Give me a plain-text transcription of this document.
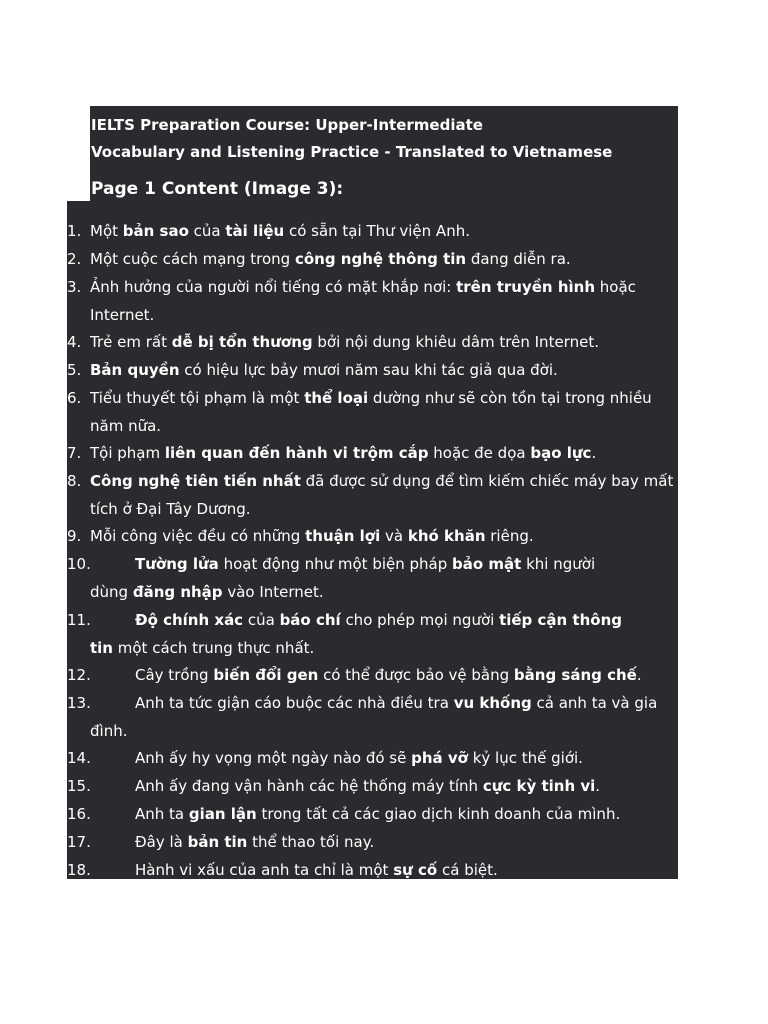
IELTS Preparation Course: Upper-Intermediate
Vocabulary and Listening Practice - Translated to Vietnamese
Page 1 Content (Image 3):
1. Một bản sao của tài liệu có sẵn tại Thư viện Anh.
2. Một cuộc cách mạng trong công nghệ thông tin đang diễn ra.
3. Ảnh hưởng của người nổi tiếng có mặt khắp nơi: trên truyền hình hoặc
Internet.
4. Trẻ em rất dễ bị tổn thương bởi nội dung khiêu dâm trên Internet.
5. Bản quyền có hiệu lực bảy mươi năm sau khi tác giả qua đời.
6. Tiểu thuyết tội phạm là một thể loại dường như sẽ còn tồn tại trong nhiều
năm nữa.
7. Tội phạm liên quan đến hành vi trộm cắp hoặc đe dọa bạo lực.
8. Công nghệ tiên tiến nhất đã được sử dụng để tìm kiếm chiếc máy bay mất
tích ở Đại Tây Dương.
9. Mỗi công việc đều có những thuận lợi và khó khăn riêng.
10.	Tường lửa hoạt động như một biện pháp bảo mật khi người
dùng đăng nhập vào Internet.
11.	Độ chính xác của báo chí cho phép mọi người tiếp cận thông
tin một cách trung thực nhất.
12.	Cây trồng biến đổi gen có thể được bảo vệ bằng bằng sáng chế.
13.	Anh ta tức giận cáo buộc các nhà điều tra vu khống cả anh ta và gia
đình.
14.	Anh ấy hy vọng một ngày nào đó sẽ phá vỡ kỷ lục thế giới.
15.	Anh ấy đang vận hành các hệ thống máy tính cực kỳ tinh vi.
16.	Anh ta gian lận trong tất cả các giao dịch kinh doanh của mình.
17.	Đây là bản tin thể thao tối nay.
18.	Hành vi xấu của anh ta chỉ là một sự cố cá biệt.
